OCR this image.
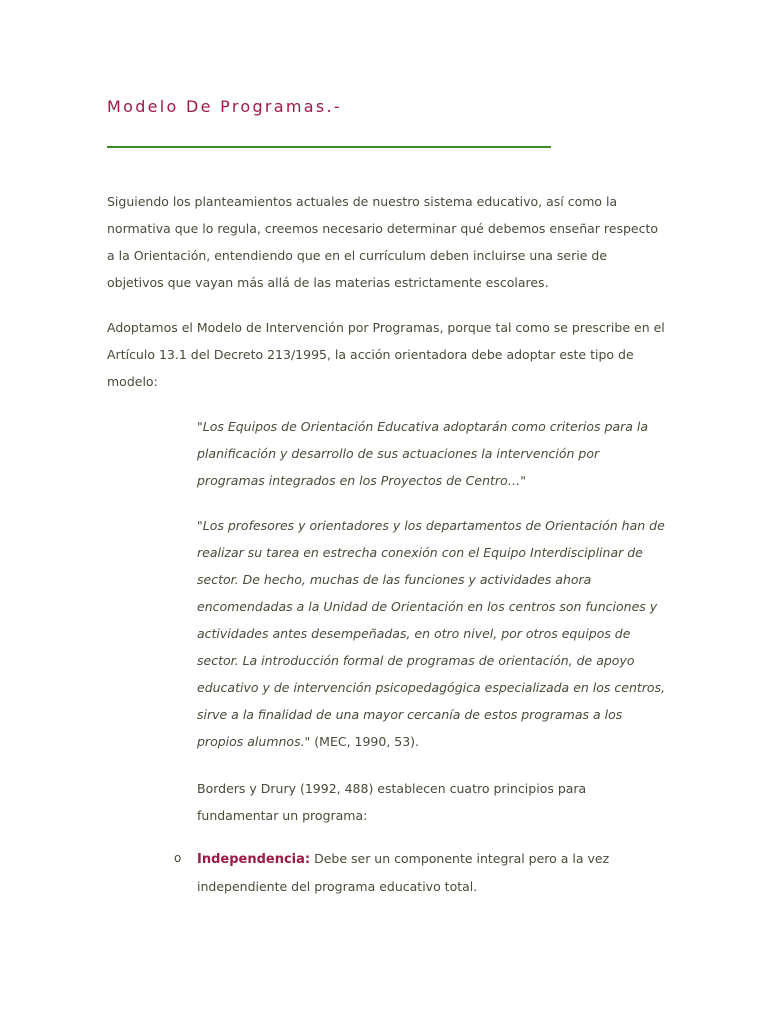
Modelo De Programas.-

Siguiendo los planteamientos actuales de nuestro sistema educativo, así como la normativa que lo regula, creemos necesario determinar qué debemos enseñar respecto a la Orientación, entendiendo que en el currículum deben incluirse una serie de objetivos que vayan más allá de las materias estrictamente escolares.

Adoptamos el Modelo de Intervención por Programas, porque tal como se prescribe en el Artículo 13.1 del Decreto 213/1995, la acción orientadora debe adoptar este tipo de modelo:

"Los Equipos de Orientación Educativa adoptarán como criterios para la planificación y desarrollo de sus actuaciones la intervención por programas integrados en los Proyectos de Centro…"

"Los profesores y orientadores y los departamentos de Orientación han de realizar su tarea en estrecha conexión con el Equipo Interdisciplinar de sector. De hecho, muchas de las funciones y actividades ahora encomendadas a la Unidad de Orientación en los centros son funciones y actividades antes desempeñadas, en otro nivel, por otros equipos de sector. La introducción formal de programas de orientación, de apoyo educativo y de intervención psicopedagógica especializada en los centros, sirve a la finalidad de una mayor cercanía de estos programas a los propios alumnos." (MEC, 1990, 53).

Borders y Drury (1992, 488) establecen cuatro principios para fundamentar un programa:

o Independencia: Debe ser un componente integral pero a la vez independiente del programa educativo total.
